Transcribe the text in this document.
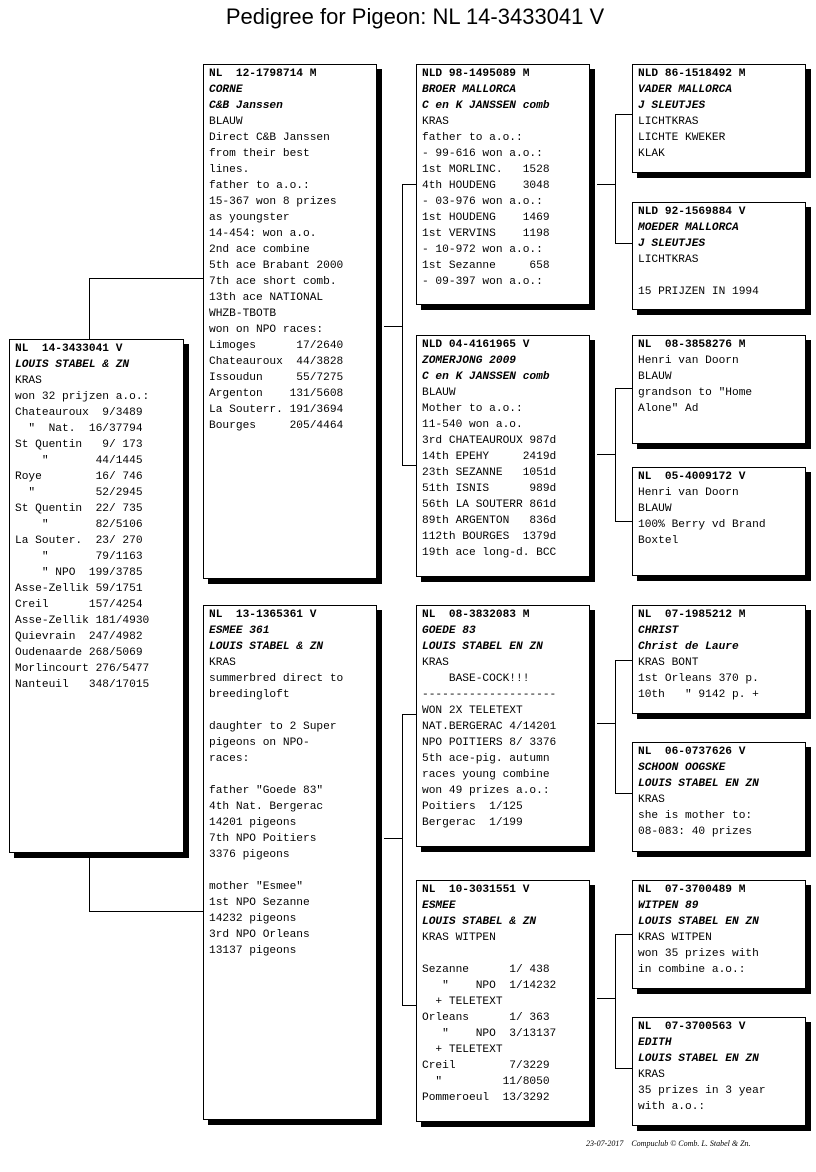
Pedigree for Pigeon: NL 14-3433041 V
NL  14-3433041 V
LOUIS STABEL & ZN
KRAS
won 32 prijzen a.o.:
Chateauroux  9/3489
"  Nat.  16/37794
St Quentin   9/ 173
"       44/1445
Roye        16/ 746
"         52/2945
St Quentin  22/ 735
"       82/5106
La Souter.  23/ 270
"       79/1163
" NPO  199/3785
Asse-Zellik 59/1751
Creil      157/4254
Asse-Zellik 181/4930
Quievrain  247/4982
Oudenaarde 268/5069
Morlincourt 276/5477
Nanteuil   348/17015
NL  12-1798714 M
CORNE
C&B Janssen
BLAUW
Direct C&B Janssen
from their best
lines.
father to a.o.:
15-367 won 8 prizes
as youngster
14-454: won a.o.
2nd ace combine
5th ace Brabant 2000
7th ace short comb.
13th ace NATIONAL
WHZB-TBOTB
won on NPO races:
Limoges      17/2640
Chateauroux  44/3828
Issoudun     55/7275
Argenton    131/5608
La Souterr. 191/3694
Bourges     205/4464
NL  13-1365361 V
ESMEE 361
LOUIS STABEL & ZN
KRAS
summerbred direct to
breedingloft
daughter to 2 Super
pigeons on NPO-
races:
father "Goede 83"
4th Nat. Bergerac
14201 pigeons
7th NPO Poitiers
3376 pigeons
mother "Esmee"
1st NPO Sezanne
14232 pigeons
3rd NPO Orleans
13137 pigeons
NLD 98-1495089 M
BROER MALLORCA
C en K JANSSEN comb
KRAS
father to a.o.:
- 99-616 won a.o.:
1st MORLINC.   1528
4th HOUDENG    3048
- 03-976 won a.o.:
1st HOUDENG    1469
1st VERVINS    1198
- 10-972 won a.o.:
1st Sezanne     658
- 09-397 won a.o.:
NLD 04-4161965 V
ZOMERJONG 2009
C en K JANSSEN comb
BLAUW
Mother to a.o.:
11-540 won a.o.
3rd CHATEAUROUX 987d
14th EPEHY     2419d
23th SEZANNE   1051d
51th ISNIS      989d
56th LA SOUTERR 861d
89th ARGENTON   836d
112th BOURGES  1379d
19th ace long-d. BCC
NL  08-3832083 M
GOEDE 83
LOUIS STABEL EN ZN
KRAS
BASE-COCK!!!
--------------------
WON 2X TELETEXT
NAT.BERGERAC 4/14201
NPO POITIERS 8/ 3376
5th ace-pig. autumn
races young combine
won 49 prizes a.o.:
Poitiers  1/125
Bergerac  1/199
NL  10-3031551 V
ESMEE
LOUIS STABEL & ZN
KRAS WITPEN
Sezanne      1/ 438
"    NPO  1/14232
+ TELETEXT
Orleans      1/ 363
"    NPO  3/13137
+ TELETEXT
Creil        7/3229
"         11/8050
Pommeroeul  13/3292
NLD 86-1518492 M
VADER MALLORCA
J SLEUTJES
LICHTKRAS
LICHTE KWEKER
KLAK
NLD 92-1569884 V
MOEDER MALLORCA
J SLEUTJES
LICHTKRAS
15 PRIJZEN IN 1994
NL  08-3858276 M
Henri van Doorn
BLAUW
grandson to "Home
Alone" Ad
NL  05-4009172 V
Henri van Doorn
BLAUW
100% Berry vd Brand
Boxtel
NL  07-1985212 M
CHRIST
Christ de Laure
KRAS BONT
1st Orleans 370 p.
10th   " 9142 p. +
NL  06-0737626 V
SCHOON OOGSKE
LOUIS STABEL EN ZN
KRAS
she is mother to:
08-083: 40 prizes
NL  07-3700489 M
WITPEN 89
LOUIS STABEL EN ZN
KRAS WITPEN
won 35 prizes with
in combine a.o.:
NL  07-3700563 V
EDITH
LOUIS STABEL EN ZN
KRAS
35 prizes in 3 year
with a.o.:
23-07-2017 Compuclub © Comb. L. Stabel & Zn.
